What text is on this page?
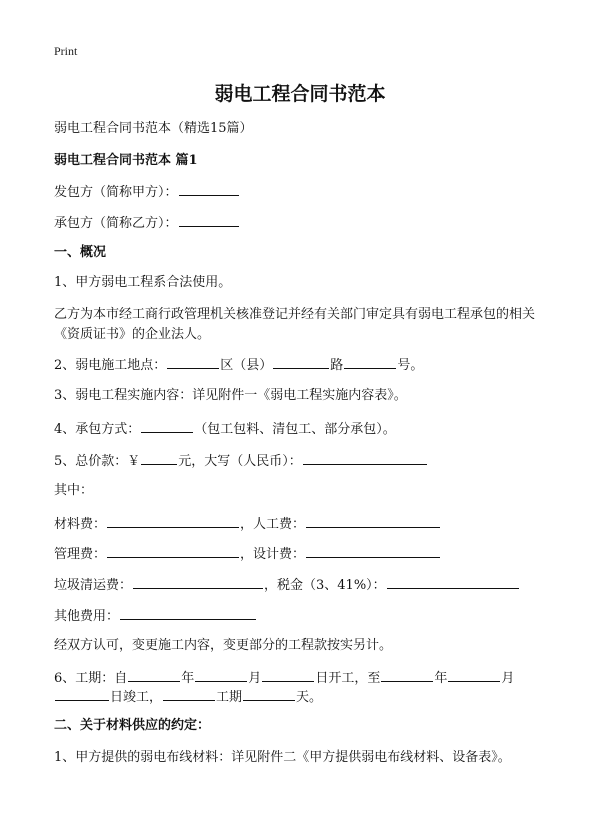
Print
弱电工程合同书范本
弱电工程合同书范本（精选15篇）
弱电工程合同书范本 篇1
发包方（简称甲方）：
承包方（简称乙方）：
一、概况
1、甲方弱电工程系合法使用。
乙方为本市经工商行政管理机关核准登记并经有关部门审定具有弱电工程承包的相关《资质证书》的企业法人。
2、弱电施工地点：	区（县）	路	号。
3、弱电工程实施内容：详见附件一《弱电工程实施内容表》。
4、承包方式：	（包工包料、清包工、部分承包）。
5、总价款：￥	元，大写（人民币）：
其中：
材料费：	，人工费：
管理费：	，设计费：
垃圾清运费：	，税金（3、41%）：
其他费用：
经双方认可，变更施工内容，变更部分的工程款按实另计。
6、工期：自	年	月	日开工，至	年	月
日竣工，	工期	天。
二、关于材料供应的约定：
1、甲方提供的弱电布线材料：详见附件二《甲方提供弱电布线材料、设备表》。
